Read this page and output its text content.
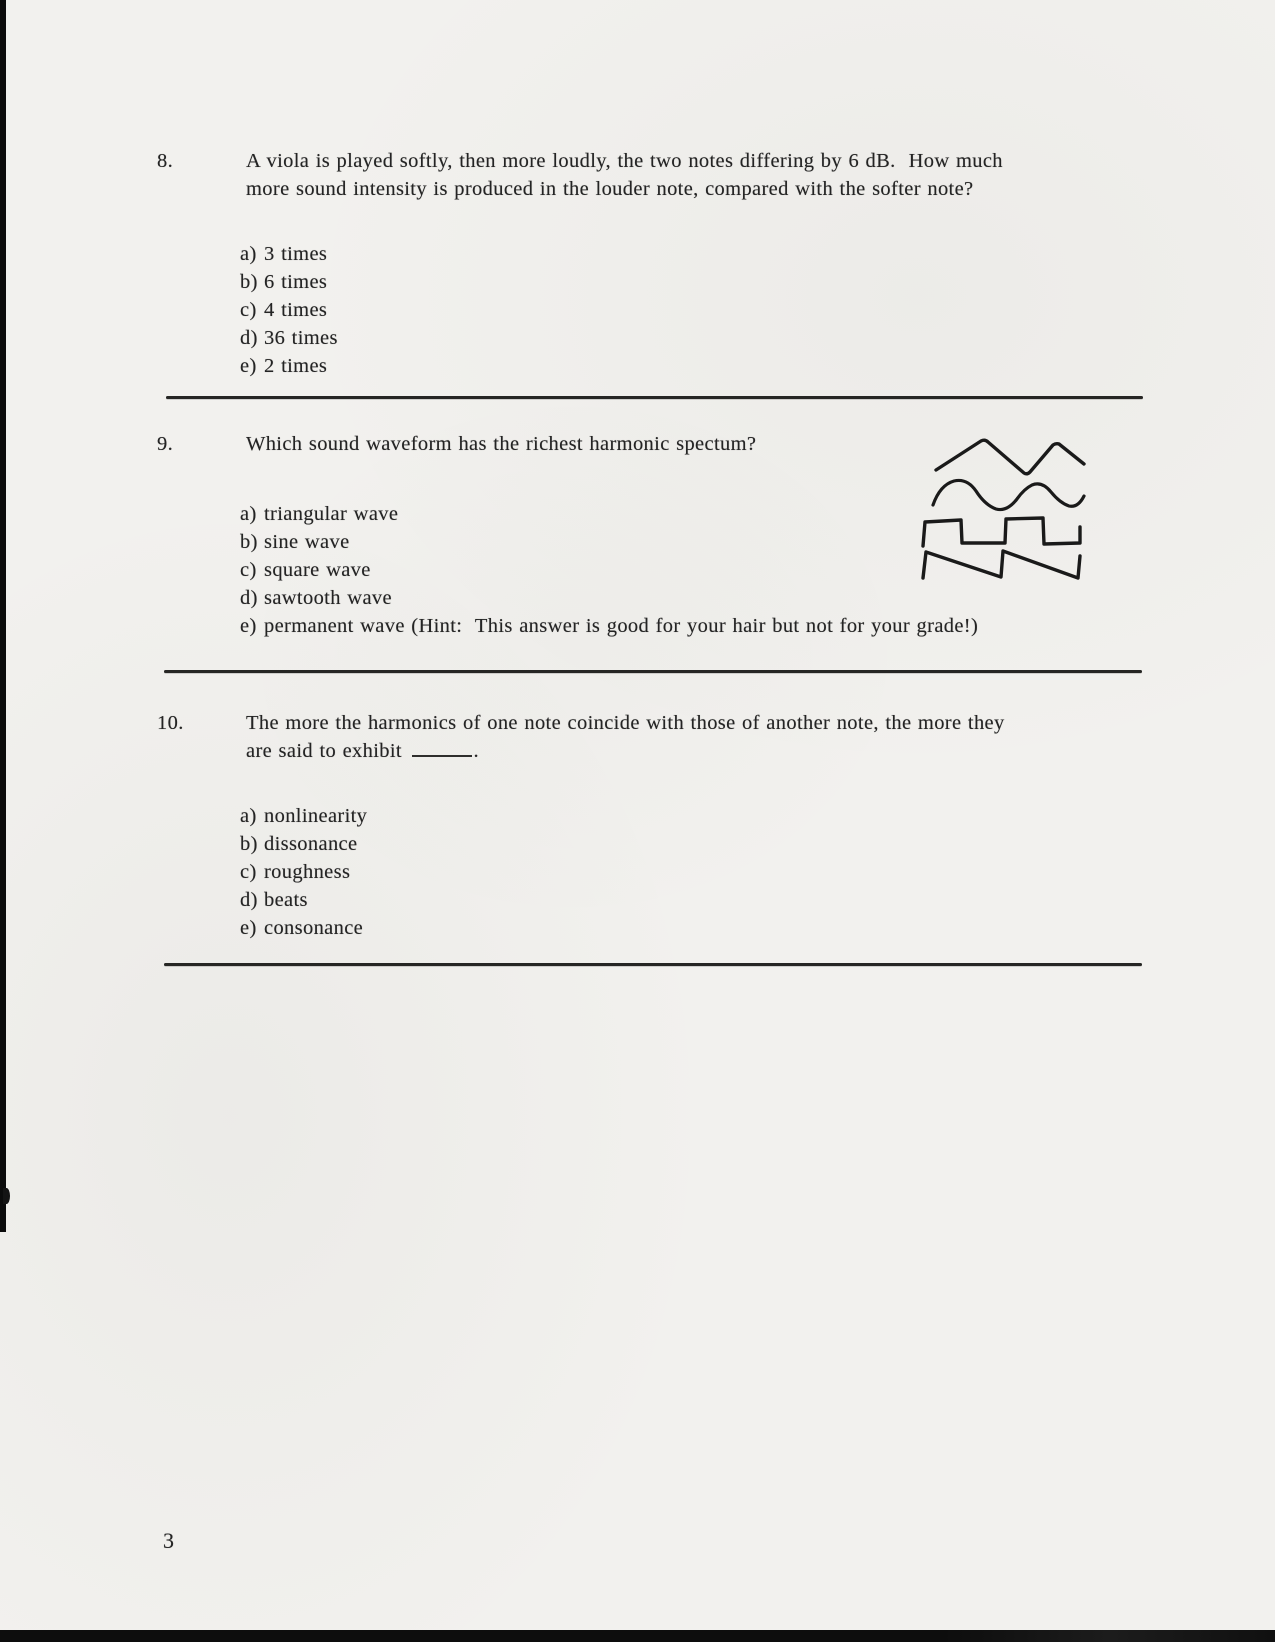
8.	A viola is played softly, then more loudly, the two notes differing by 6 dB.  How much
more sound intensity is produced in the louder note, compared with the softer note?
a) 3 times
b) 6 times
c) 4 times
d) 36 times
e) 2 times
9.	Which sound waveform has the richest harmonic spectum?
a) triangular wave
b) sine wave
c) square wave
d) sawtooth wave
e) permanent wave (Hint:  This answer is good for your hair but not for your grade!)
10.	The more the harmonics of one note coincide with those of another note, the more they
are said to exhibit	.
a) nonlinearity
b) dissonance
c) roughness
d) beats
e) consonance
3
